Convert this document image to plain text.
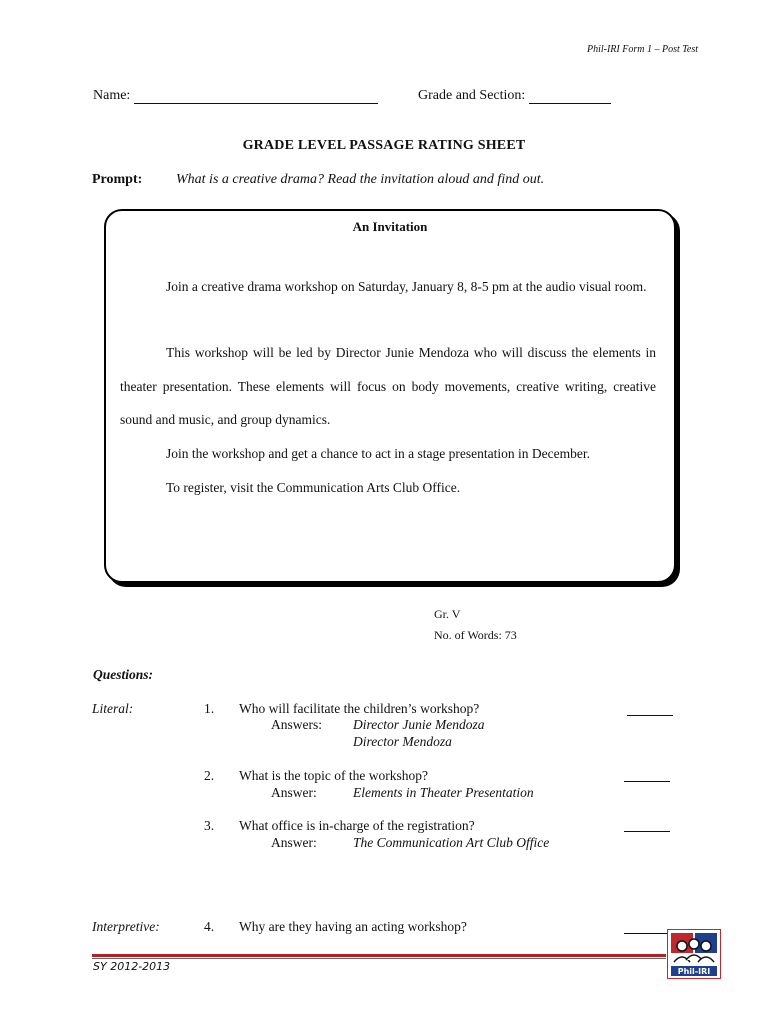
Phil-IRI Form 1 – Post Test
Name:	Grade and Section:
GRADE LEVEL PASSAGE RATING SHEET
Prompt: What is a creative drama? Read the invitation aloud and find out.
An Invitation
Join a creative drama workshop on Saturday, January 8, 8-5 pm at the audio visual room.
This workshop will be led by Director Junie Mendoza who will discuss the elements in theater presentation. These elements will focus on body movements, creative writing, creative sound and music, and group dynamics.
Join the workshop and get a chance to act in a stage presentation in December.
To register, visit the Communication Arts Club Office.
Gr. V
No. of Words: 73
Questions:
Literal:	1. Who will facilitate the children’s workshop?
Answers: Director Junie Mendoza
Director Mendoza
2. What is the topic of the workshop?
Answer:	Elements in Theater Presentation
3. What office is in-charge of the registration?
Answer:	The Communication Art Club Office
Interpretive:	4. Why are they having an acting workshop?
SY 2012-2013	Phil-IRI
